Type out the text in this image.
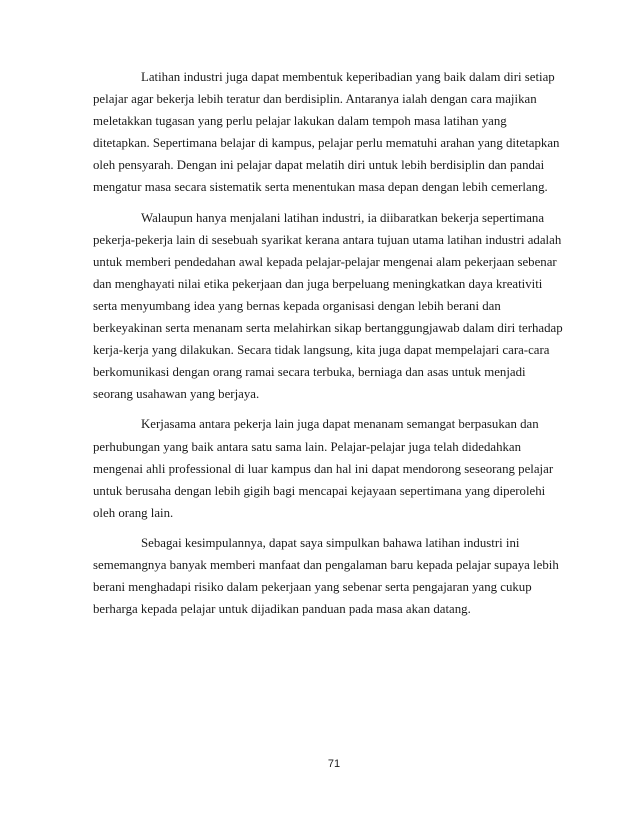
Latihan industri juga dapat membentuk keperibadian yang baik dalam diri setiap
pelajar agar bekerja lebih teratur dan berdisiplin. Antaranya ialah dengan cara majikan
meletakkan tugasan yang perlu pelajar lakukan dalam tempoh masa latihan yang
ditetapkan. Sepertimana belajar di kampus, pelajar perlu mematuhi arahan yang ditetapkan
oleh pensyarah. Dengan ini pelajar dapat melatih diri untuk lebih berdisiplin dan pandai
mengatur masa secara sistematik serta menentukan masa depan dengan lebih cemerlang.
Walaupun hanya menjalani latihan industri, ia diibaratkan bekerja sepertimana
pekerja-pekerja lain di sesebuah syarikat kerana antara tujuan utama latihan industri adalah
untuk memberi pendedahan awal kepada pelajar-pelajar mengenai alam pekerjaan sebenar
dan menghayati nilai etika pekerjaan dan juga berpeluang meningkatkan daya kreativiti
serta menyumbang idea yang bernas kepada organisasi dengan lebih berani dan
berkeyakinan serta menanam serta melahirkan sikap bertanggungjawab dalam diri terhadap
kerja-kerja yang dilakukan. Secara tidak langsung, kita juga dapat mempelajari cara-cara
berkomunikasi dengan orang ramai secara terbuka, berniaga dan asas untuk menjadi
seorang usahawan yang berjaya.
Kerjasama antara pekerja lain juga dapat menanam semangat berpasukan dan
perhubungan yang baik antara satu sama lain. Pelajar-pelajar juga telah didedahkan
mengenai ahli professional di luar kampus dan hal ini dapat mendorong seseorang pelajar
untuk berusaha dengan lebih gigih bagi mencapai kejayaan sepertimana yang diperolehi
oleh orang lain.
Sebagai kesimpulannya, dapat saya simpulkan bahawa latihan industri ini
sememangnya banyak memberi manfaat dan pengalaman baru kepada pelajar supaya lebih
berani menghadapi risiko dalam pekerjaan yang sebenar serta pengajaran yang cukup
berharga kepada pelajar untuk dijadikan panduan pada masa akan datang.
71
